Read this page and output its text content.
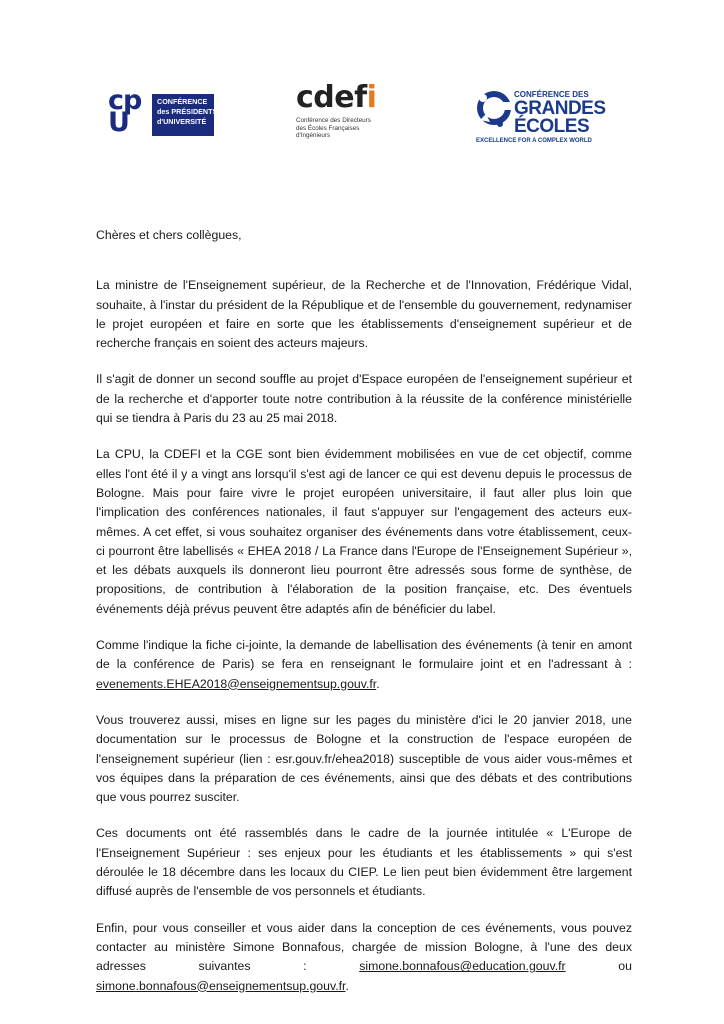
cp
U
CONFÉRENCE
des PRÉSIDENTS
d'UNIVERSITÉ
cdefi
Conférence des Directeurs
des Écoles Françaises
d'Ingénieurs
CONFÉRENCE DES
GRANDES
ÉCOLES
EXCELLENCE FOR A COMPLEX WORLD

Chères et chers collègues,

La ministre de l'Enseignement supérieur, de la Recherche et de l'Innovation, Frédérique Vidal, souhaite, à l'instar du président de la République et de l'ensemble du gouvernement, redynamiser le projet européen et faire en sorte que les établissements d'enseignement supérieur et de recherche français en soient des acteurs majeurs.

Il s'agit de donner un second souffle au projet d'Espace européen de l'enseignement supérieur et de la recherche et d'apporter toute notre contribution à la réussite de la conférence ministérielle qui se tiendra à Paris du 23 au 25 mai 2018.

La CPU, la CDEFI et la CGE sont bien évidemment mobilisées en vue de cet objectif, comme elles l'ont été il y a vingt ans lorsqu'il s'est agi de lancer ce qui est devenu depuis le processus de Bologne. Mais pour faire vivre le projet européen universitaire, il faut aller plus loin que l'implication des conférences nationales, il faut s'appuyer sur l'engagement des acteurs eux-mêmes. A cet effet, si vous souhaitez organiser des événements dans votre établissement, ceux-ci pourront être labellisés « EHEA 2018 / La France dans l'Europe de l'Enseignement Supérieur », et les débats auxquels ils donneront lieu pourront être adressés sous forme de synthèse, de propositions, de contribution à l'élaboration de la position française, etc. Des éventuels événements déjà prévus peuvent être adaptés afin de bénéficier du label.

Comme l'indique la fiche ci-jointe, la demande de labellisation des événements (à tenir en amont de la conférence de Paris) se fera en renseignant le formulaire joint et en l'adressant à : evenements.EHEA2018@enseignementsup.gouv.fr.

Vous trouverez aussi, mises en ligne sur les pages du ministère d'ici le 20 janvier 2018, une documentation sur le processus de Bologne et la construction de l'espace européen de l'enseignement supérieur (lien : esr.gouv.fr/ehea2018) susceptible de vous aider vous-mêmes et vos équipes dans la préparation de ces événements, ainsi que des débats et des contributions que vous pourrez susciter.

Ces documents ont été rassemblés dans le cadre de la journée intitulée « L'Europe de l'Enseignement Supérieur : ses enjeux pour les étudiants et les établissements » qui s'est déroulée le 18 décembre dans les locaux du CIEP. Le lien peut bien évidemment être largement diffusé auprès de l'ensemble de vos personnels et étudiants.

Enfin, pour vous conseiller et vous aider dans la conception de ces événements, vous pouvez contacter au ministère Simone Bonnafous, chargée de mission Bologne, à l'une des deux adresses suivantes :	simone.bonnafous@education.gouv.fr	ou simone.bonnafous@enseignementsup.gouv.fr.
